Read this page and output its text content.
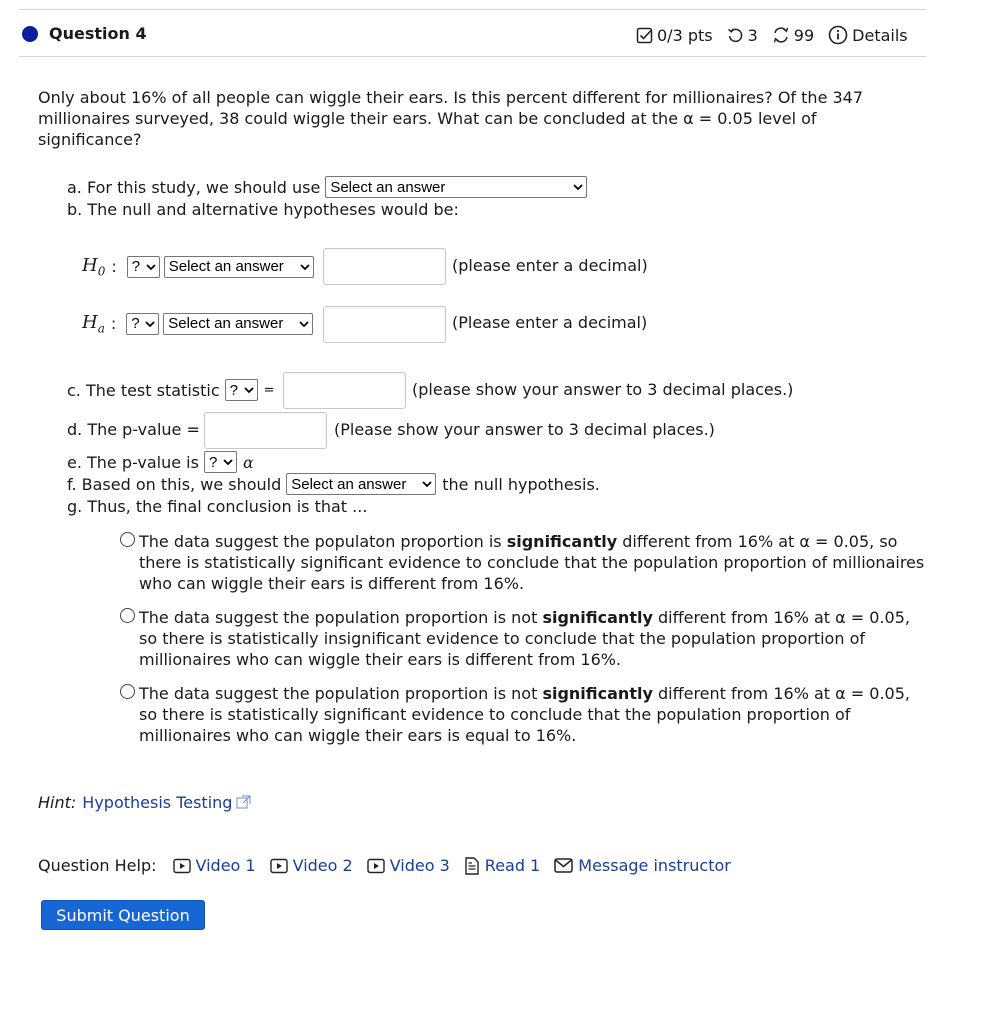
Question 4	0/3 pts 3 99 Details
Only about 16% of all people can wiggle their ears. Is this percent different for millionaires? Of the 347 millionaires surveyed, 38 could wiggle their ears. What can be concluded at the α = 0.05 level of significance?
a. For this study, we should use Select an answer
b. The null and alternative hypotheses would be:
$H_0$ : ? Select an answer	(please enter a decimal)
$H_a$ : ? Select an answer	(Please enter a decimal)
c. The test statistic ? =	(please show your answer to 3 decimal places.)
d. The p-value =	(Please show your answer to 3 decimal places.)
e. The p-value is ? α
f. Based on this, we should Select an answer the null hypothesis.
g. Thus, the final conclusion is that ...
The data suggest the populaton proportion is significantly different from 16% at α = 0.05, so there is statistically significant evidence to conclude that the population proportion of millionaires who can wiggle their ears is different from 16%.
The data suggest the population proportion is not significantly different from 16% at α = 0.05, so there is statistically insignificant evidence to conclude that the population proportion of millionaires who can wiggle their ears is different from 16%.
The data suggest the population proportion is not significantly different from 16% at α = 0.05, so there is statistically significant evidence to conclude that the population proportion of millionaires who can wiggle their ears is equal to 16%.
Hint: Hypothesis Testing
Question Help: Video 1 Video 2 Video 3 Read 1 Message instructor
Submit Question
